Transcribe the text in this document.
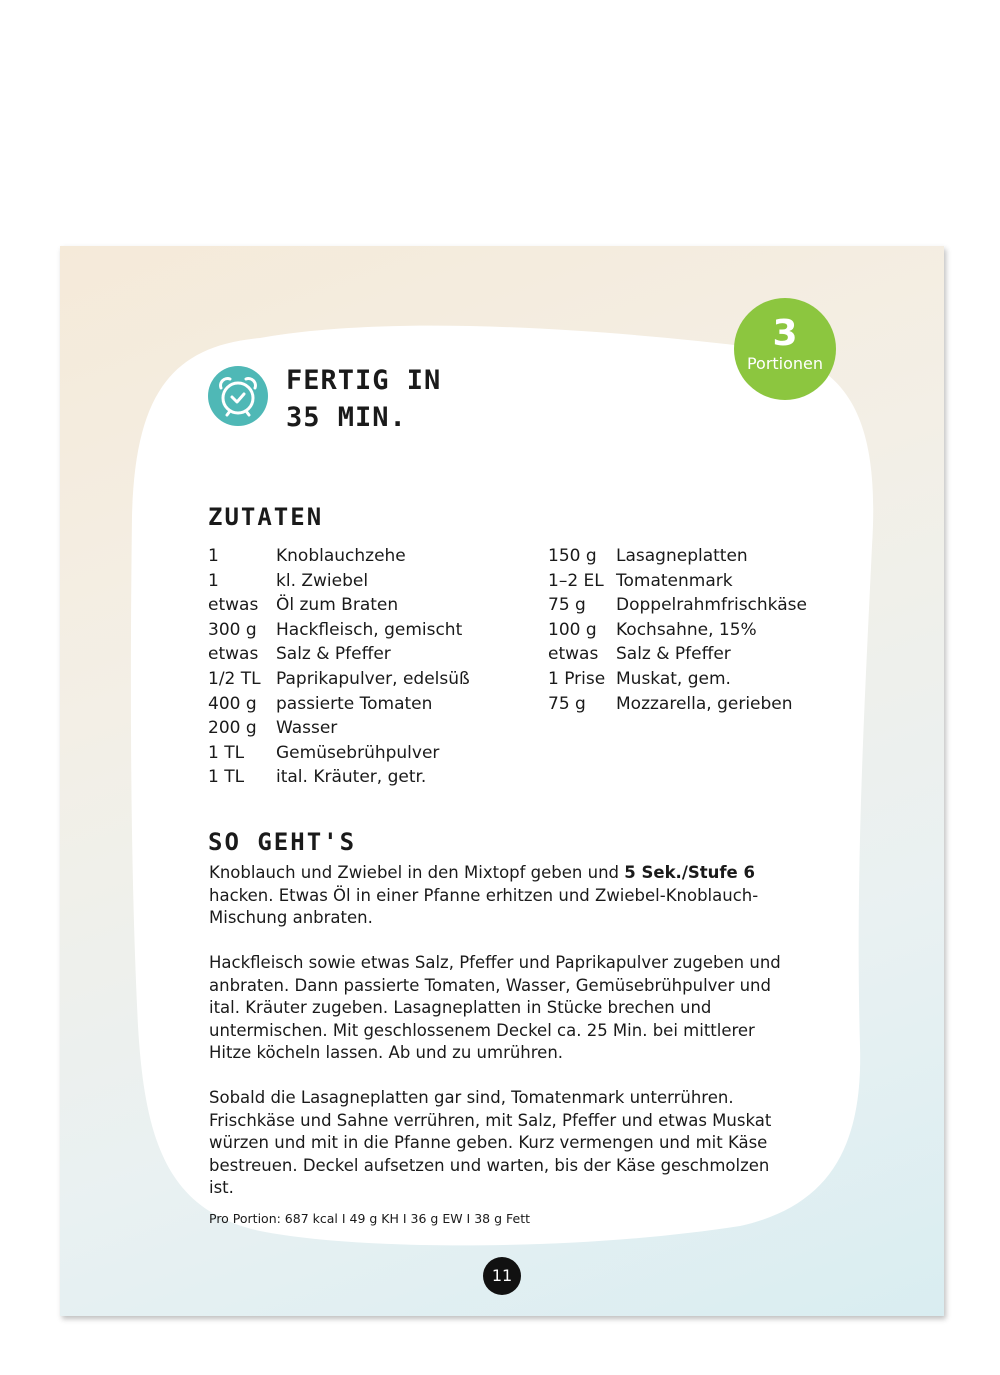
3
Portionen
FERTIG IN
35 MIN.
ZUTATEN
1	Knoblauchzehe
1	kl. Zwiebel
etwas Öl zum Braten
300 g Hackfleisch, gemischt
etwas Salz & Pfeffer
1/2 TL Paprikapulver, edelsüß
400 g passierte Tomaten
200 g Wasser
1 TL Gemüsebrühpulver
1 TL ital. Kräuter, getr.
150 g Lasagneplatten
1–2 EL Tomatenmark
75 g Doppelrahmfrischkäse
100 g Kochsahne, 15%
etwas Salz & Pfeffer
1 Prise Muskat, gem.
75 g Mozzarella, gerieben
SO GEHT'S

Knoblauch und Zwiebel in den Mixtopf geben und 5 Sek./Stufe 6 hacken. Etwas Öl in einer Pfanne erhitzen und Zwiebel-Knoblauch-Mischung anbraten.

Hackfleisch sowie etwas Salz, Pfeffer und Paprikapulver zugeben und anbraten. Dann passierte Tomaten, Wasser, Gemüsebrühpulver und ital. Kräuter zugeben. Lasagneplatten in Stücke brechen und untermischen. Mit geschlossenem Deckel ca. 25 Min. bei mittlerer Hitze köcheln lassen. Ab und zu umrühren.

Sobald die Lasagneplatten gar sind, Tomatenmark unterrühren. Frischkäse und Sahne verrühren, mit Salz, Pfeffer und etwas Muskat würzen und mit in die Pfanne geben. Kurz vermengen und mit Käse bestreuen. Deckel aufsetzen und warten, bis der Käse geschmolzen ist.

Pro Portion: 687 kcal I 49 g KH I 36 g EW I 38 g Fett
11
